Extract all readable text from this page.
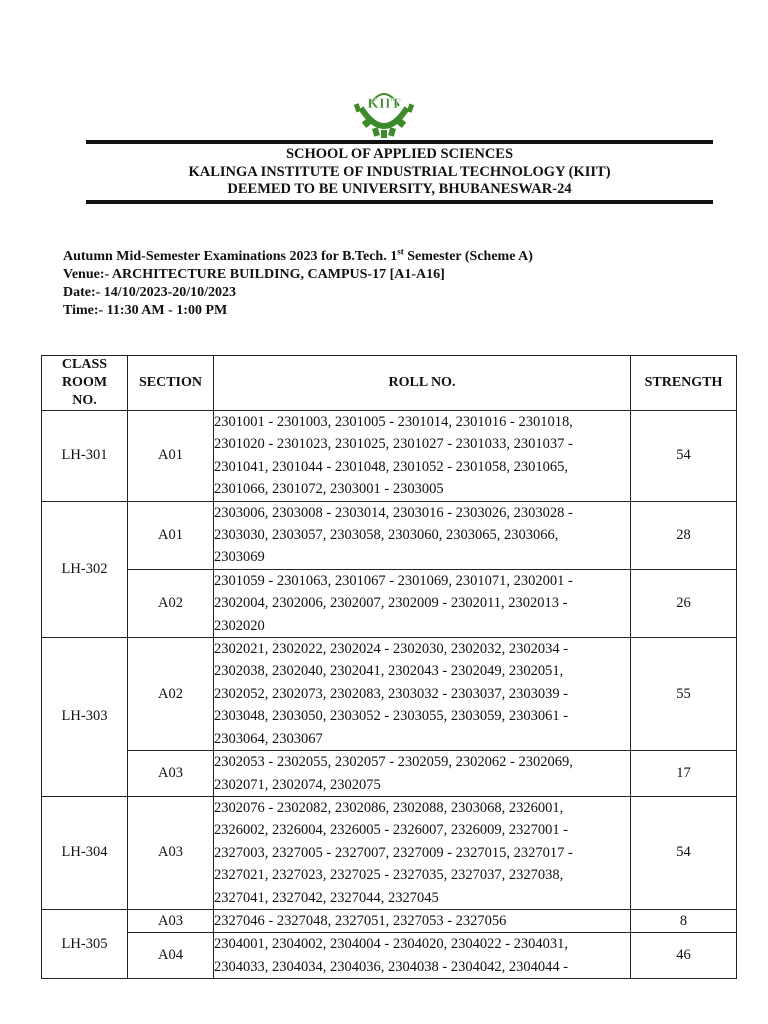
KIIT
SCHOOL OF APPLIED SCIENCES
KALINGA INSTITUTE OF INDUSTRIAL TECHNOLOGY (KIIT)
DEEMED TO BE UNIVERSITY, BHUBANESWAR-24
Autumn Mid-Semester Examinations 2023 for B.Tech. 1st Semester (Scheme A)
Venue:- ARCHITECTURE BUILDING, CAMPUS-17 [A1-A16]
Date:- 14/10/2023-20/10/2023
Time:- 11:30 AM - 1:00 PM
CLASS
ROOM
NO.	SECTION	ROLL NO.	STRENGTH
LH-301	A01	2301001 - 2301003, 2301005 - 2301014, 2301016 - 2301018,
2301020 - 2301023, 2301025, 2301027 - 2301033, 2301037 -
2301041, 2301044 - 2301048, 2301052 - 2301058, 2301065,
2301066, 2301072, 2303001 - 2303005	54
LH-302	A01	2303006, 2303008 - 2303014, 2303016 - 2303026, 2303028 -
2303030, 2303057, 2303058, 2303060, 2303065, 2303066,
2303069	28
	A02	2301059 - 2301063, 2301067 - 2301069, 2301071, 2302001 -
2302004, 2302006, 2302007, 2302009 - 2302011, 2302013 -
2302020	26
LH-303	A02	2302021, 2302022, 2302024 - 2302030, 2302032, 2302034 -
2302038, 2302040, 2302041, 2302043 - 2302049, 2302051,
2302052, 2302073, 2302083, 2303032 - 2303037, 2303039 -
2303048, 2303050, 2303052 - 2303055, 2303059, 2303061 -
2303064, 2303067	55
	A03	2302053 - 2302055, 2302057 - 2302059, 2302062 - 2302069,
2302071, 2302074, 2302075	17
LH-304	A03	2302076 - 2302082, 2302086, 2302088, 2303068, 2326001,
2326002, 2326004, 2326005 - 2326007, 2326009, 2327001 -
2327003, 2327005 - 2327007, 2327009 - 2327015, 2327017 -
2327021, 2327023, 2327025 - 2327035, 2327037, 2327038,
2327041, 2327042, 2327044, 2327045	54
LH-305	A03	2327046 - 2327048, 2327051, 2327053 - 2327056	8
	A04	2304001, 2304002, 2304004 - 2304020, 2304022 - 2304031,
2304033, 2304034, 2304036, 2304038 - 2304042, 2304044 -	46
